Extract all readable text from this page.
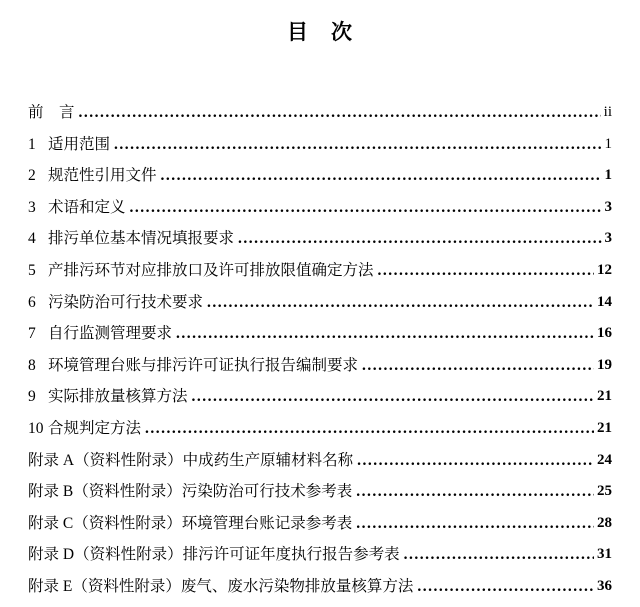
目　次
前　言 .....	ii
1 适用范围 .....	1
2 规范性引用文件 .....	1
3 术语和定义 .....	3
4 排污单位基本情况填报要求 .....	3
5 产排污环节对应排放口及许可排放限值确定方法 .....	12
6 污染防治可行技术要求 .....	14
7 自行监测管理要求 .....	16
8 环境管理台账与排污许可证执行报告编制要求 .....	19
9 实际排放量核算方法 .....	21
10 合规判定方法 .....	21
附录 A（资料性附录）中成药生产原辅材料名称 .....	24
附录 B（资料性附录）污染防治可行技术参考表 .....	25
附录 C（资料性附录）环境管理台账记录参考表 .....	28
附录 D（资料性附录）排污许可证年度执行报告参考表 .....	31
附录 E（资料性附录）废气、废水污染物排放量核算方法 .....	36
